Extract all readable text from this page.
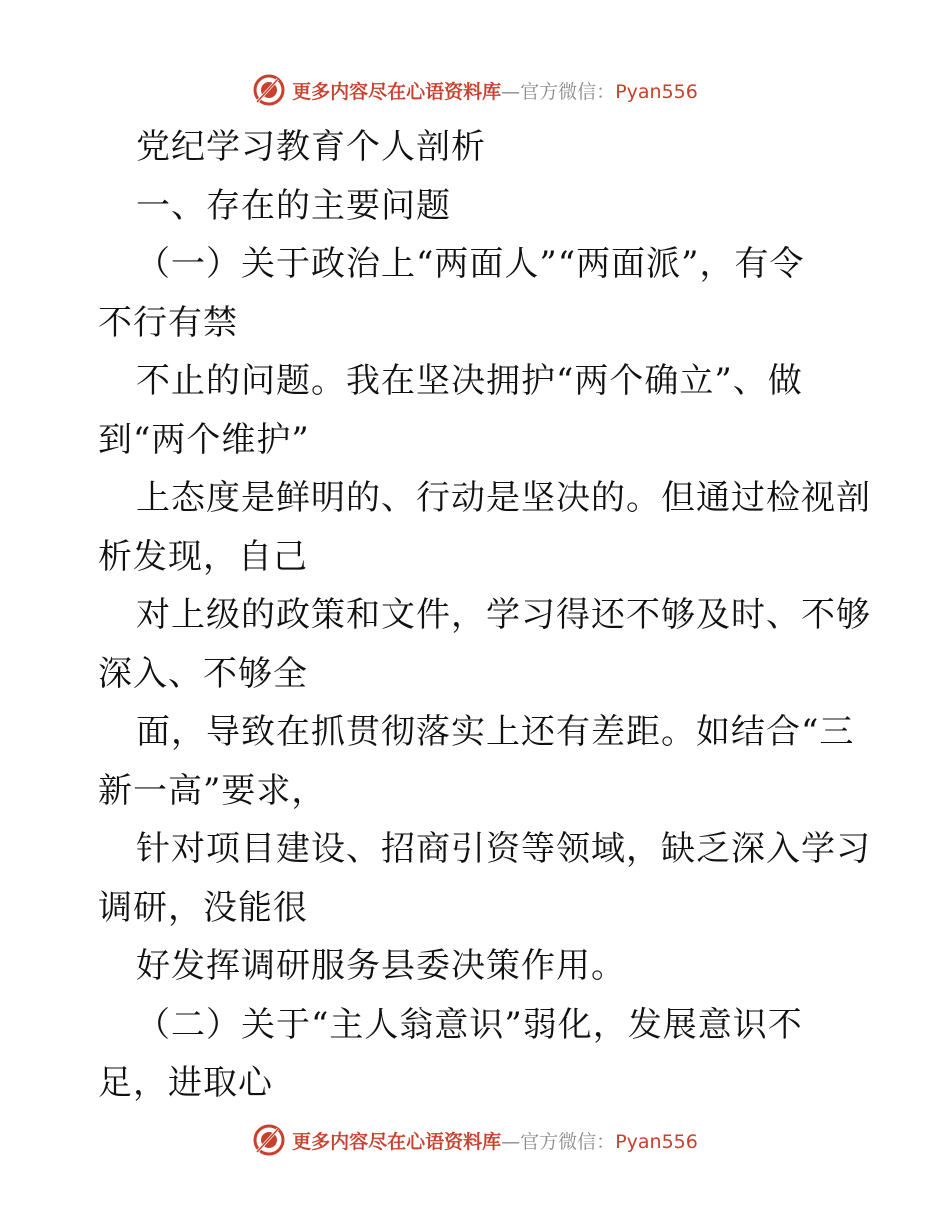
更多内容尽在心语资料库—官方微信：Pyan556
党纪学习教育个人剖析
一、存在的主要问题
（一）关于政治上“两面人”“两面派”，有令
不行有禁
不止的问题。我在坚决拥护“两个确立”、做
到“两个维护”
上态度是鲜明的、行动是坚决的。但通过检视剖
析发现，自己
对上级的政策和文件，学习得还不够及时、不够
深入、不够全
面，导致在抓贯彻落实上还有差距。如结合“三
新一高”要求，
针对项目建设、招商引资等领域，缺乏深入学习
调研，没能很
好发挥调研服务县委决策作用。
（二）关于“主人翁意识”弱化，发展意识不
足，进取心
更多内容尽在心语资料库—官方微信：Pyan556
